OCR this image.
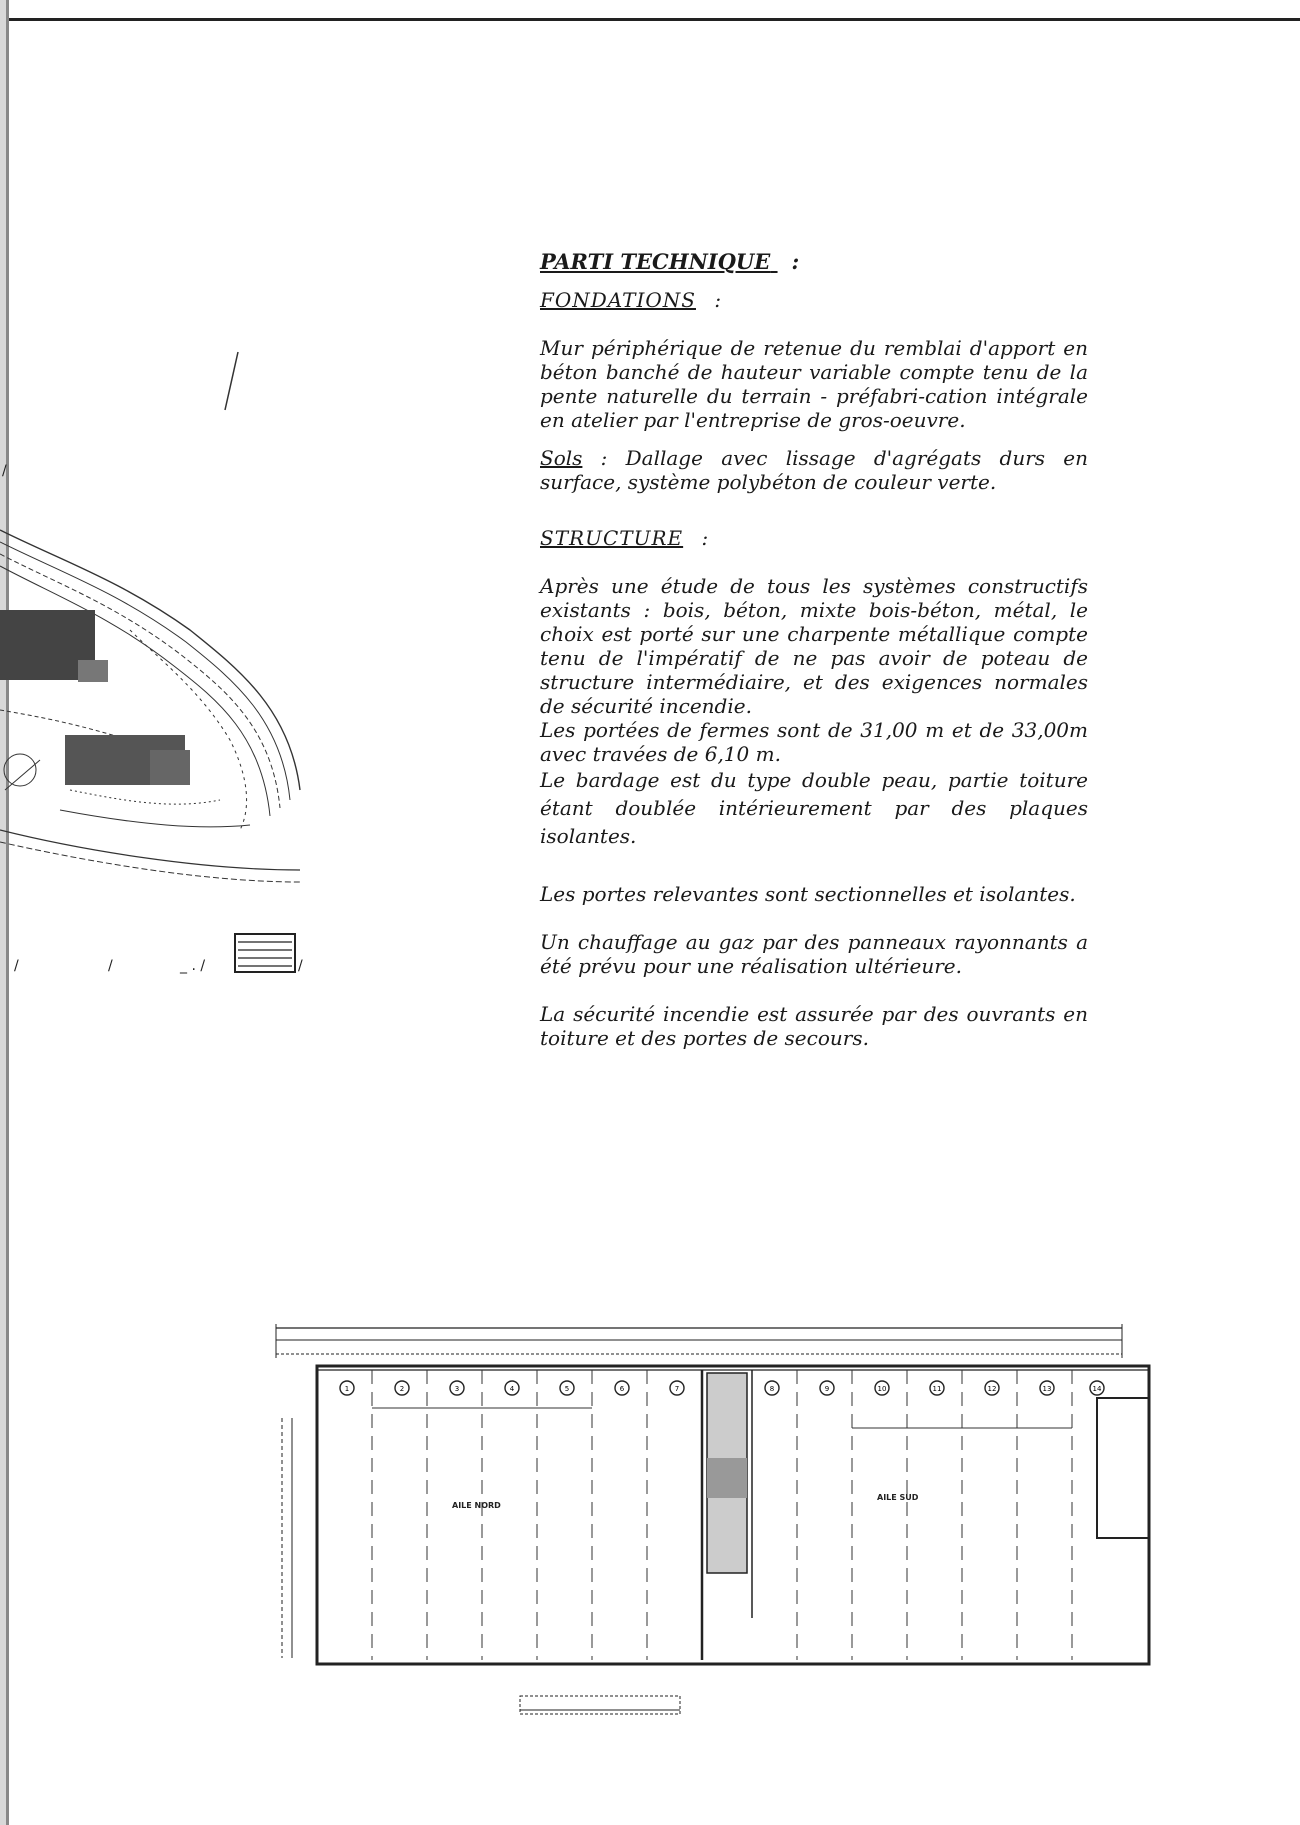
PARTI TECHNIQUE :

FONDATIONS :

Mur périphérique de retenue du remblai d'apport en béton banché de hauteur variable compte tenu de la pente naturelle du terrain - préfabri-cation intégrale en atelier par l'entreprise de gros-oeuvre.

Sols : Dallage avec lissage d'agrégats durs en surface, système polybéton de couleur verte.

STRUCTURE :

Après une étude de tous les systèmes constructifs existants : bois, béton, mixte bois-béton, métal, le choix est porté sur une charpente métallique compte tenu de l'impératif de ne pas avoir de poteau de structure intermédiaire, et des exigences normales de sécurité incendie.

Les portées de fermes sont de 31,00 m et de 33,00m avec travées de 6,10 m.

Le bardage est du type double peau, partie toiture étant doublée intérieurement par des plaques isolantes.

Les portes relevantes sont sectionnelles et isolantes.

Un chauffage au gaz par des panneaux rayonnants a été prévu pour une réalisation ultérieure.

La sécurité incendie est assurée par des ouvrants en toiture et des portes de secours.

/	/	_ . /	/
/
AILE NORD
AILE SUD
1	2	3	4	5	6	7	8	9	10	11	12	13	14
